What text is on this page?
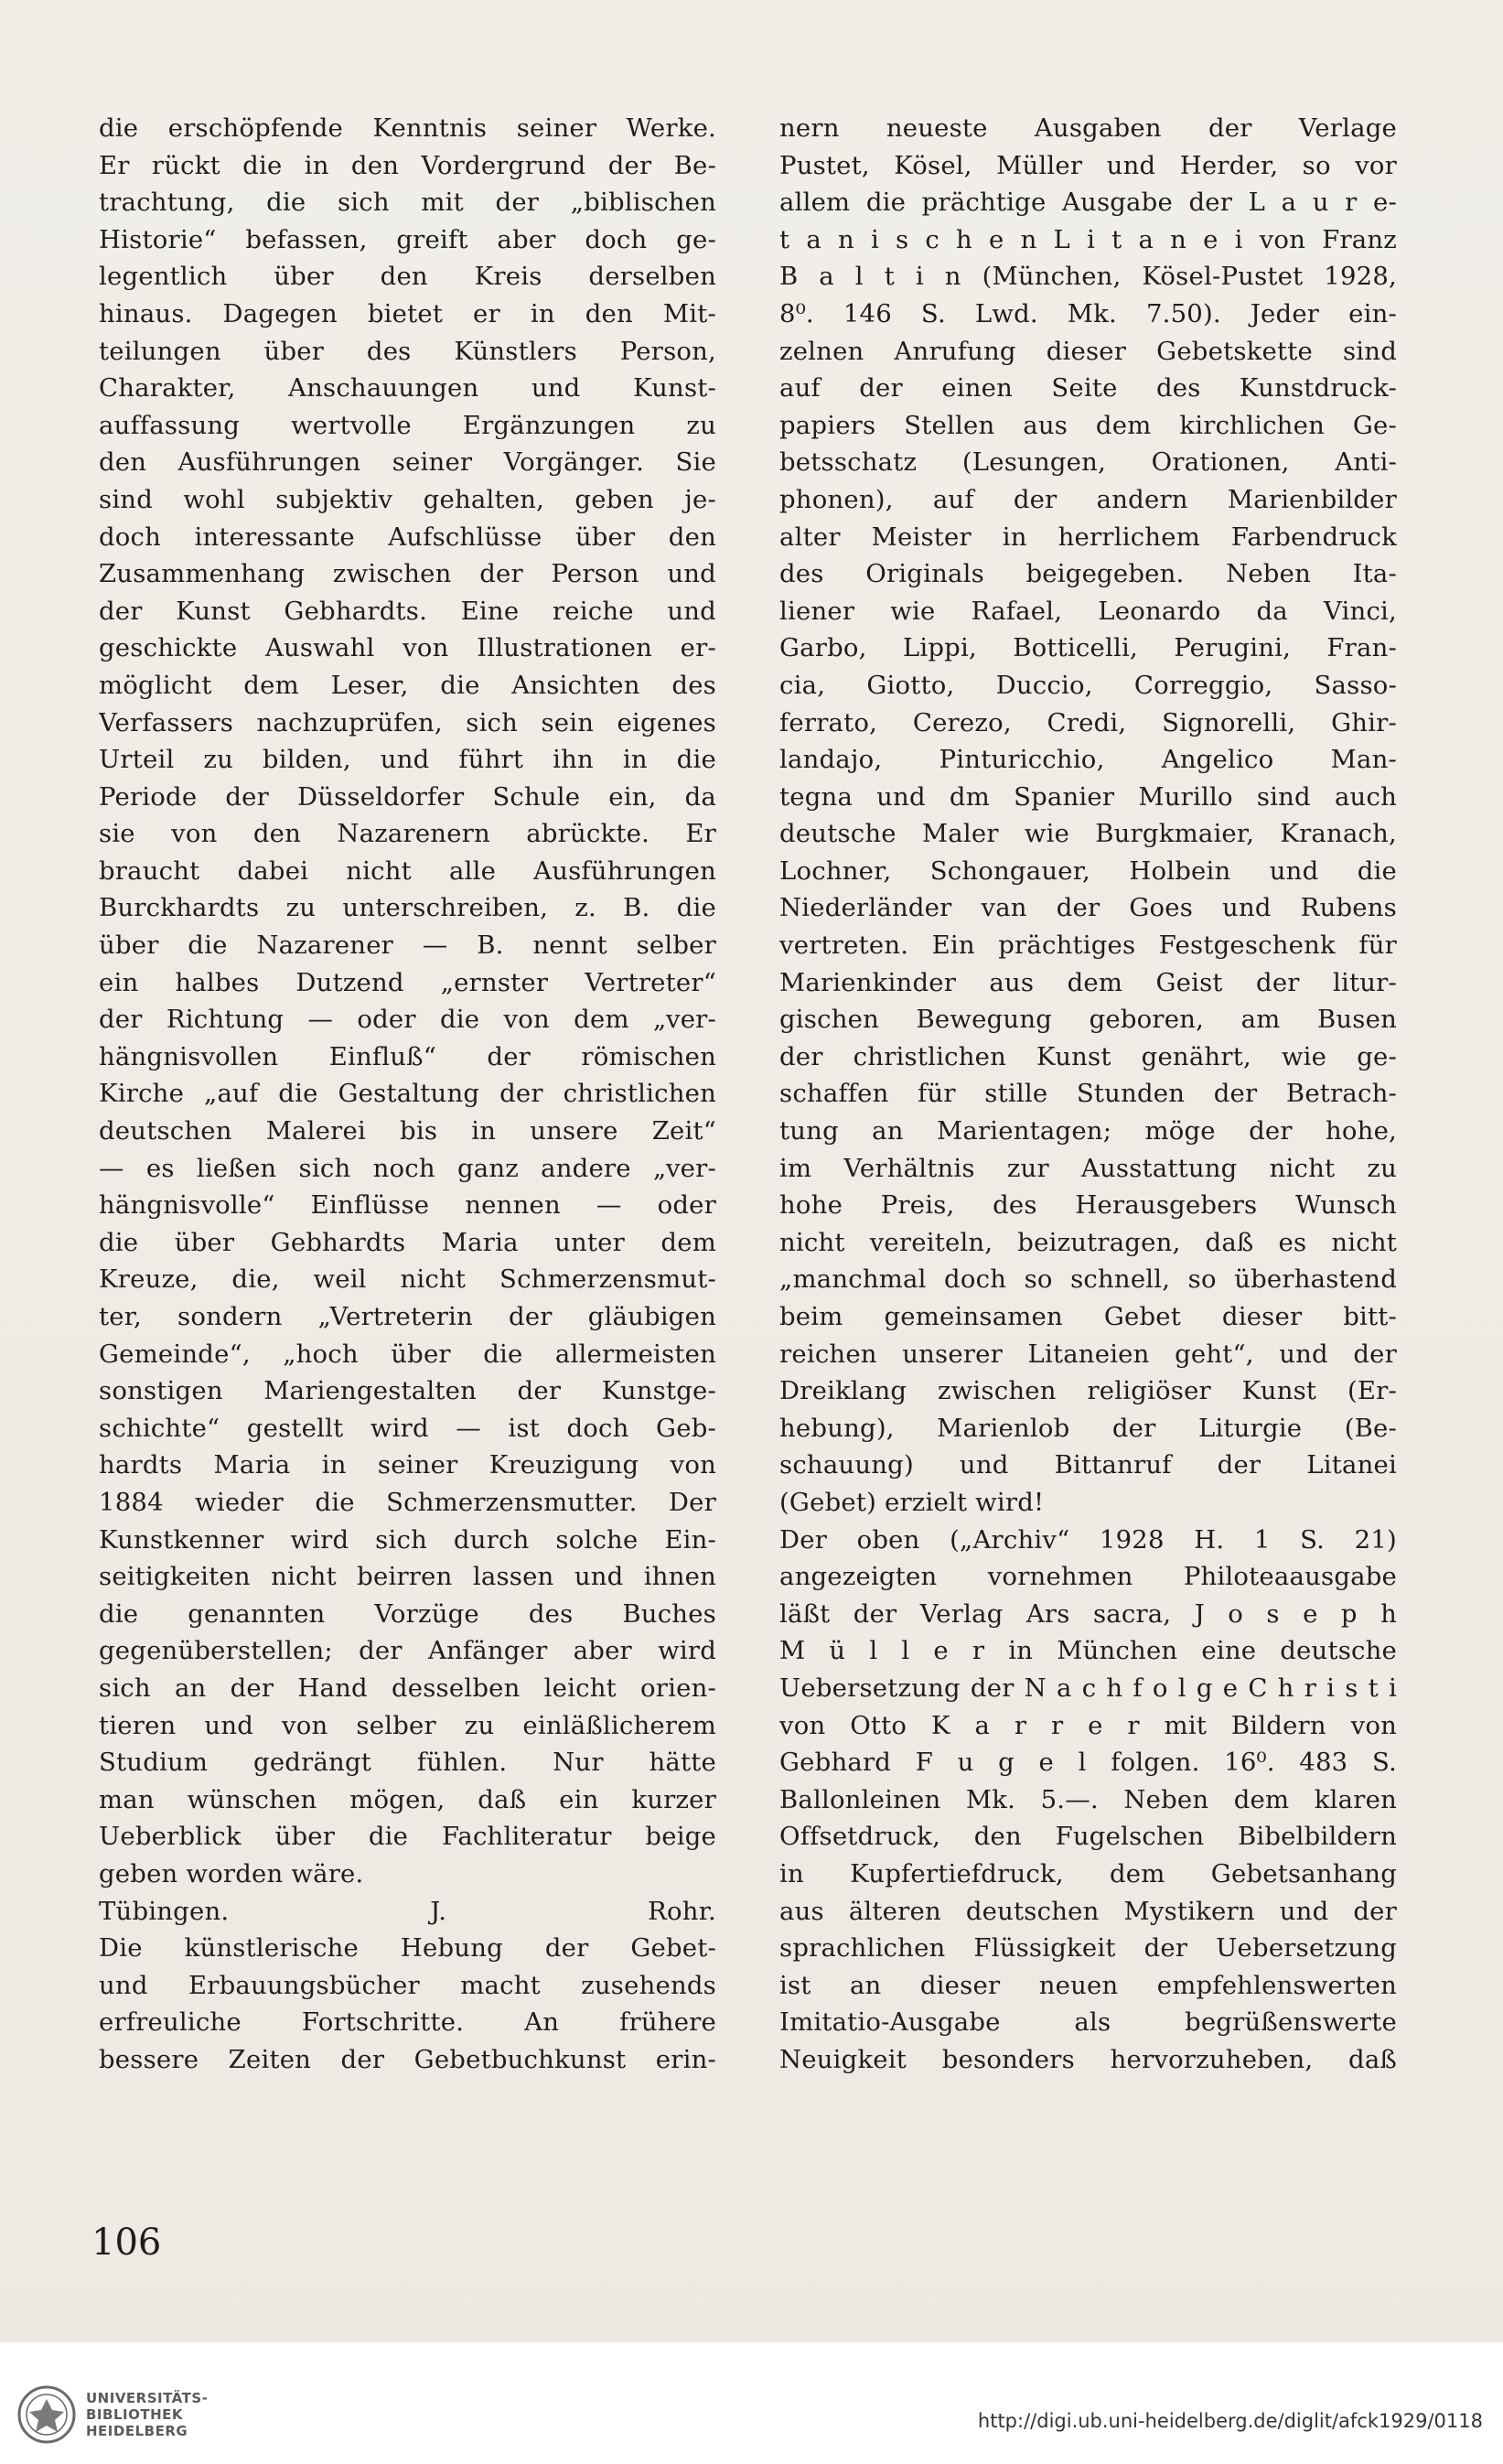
die erschöpfende Kenntnis seiner Werke.
Er rückt die in den Vordergrund der Be-
trachtung, die sich mit der „biblischen
Historie“ befassen, greift aber doch ge-
legentlich über den Kreis derselben
hinaus. Dagegen bietet er in den Mit-
teilungen über des Künstlers Person,
Charakter, Anschauungen und Kunst-
auffassung wertvolle Ergänzungen zu
den Ausführungen seiner Vorgänger. Sie
sind wohl subjektiv gehalten, geben je-
doch interessante Aufschlüsse über den
Zusammenhang zwischen der Person und
der Kunst Gebhardts. Eine reiche und
geschickte Auswahl von Illustrationen er-
möglicht dem Leser, die Ansichten des
Verfassers nachzuprüfen, sich sein eigenes
Urteil zu bilden, und führt ihn in die
Periode der Düsseldorfer Schule ein, da
sie von den Nazarenern abrückte. Er
braucht dabei nicht alle Ausführungen
Burckhardts zu unterschreiben, z. B. die
über die Nazarener — B. nennt selber
ein halbes Dutzend „ernster Vertreter“
der Richtung — oder die von dem „ver-
hängnisvollen Einfluß“ der römischen
Kirche „auf die Gestaltung der christlichen
deutschen Malerei bis in unsere Zeit“
— es ließen sich noch ganz andere „ver-
hängnisvolle“ Einflüsse nennen — oder
die über Gebhardts Maria unter dem
Kreuze, die, weil nicht Schmerzensmut-
ter, sondern „Vertreterin der gläubigen
Gemeinde“, „hoch über die allermeisten
sonstigen Mariengestalten der Kunstge-
schichte“ gestellt wird — ist doch Geb-
hardts Maria in seiner Kreuzigung von
1884 wieder die Schmerzensmutter. Der
Kunstkenner wird sich durch solche Ein-
seitigkeiten nicht beirren lassen und ihnen
die genannten Vorzüge des Buches
gegenüberstellen; der Anfänger aber wird
sich an der Hand desselben leicht orien-
tieren und von selber zu einläßlicherem
Studium gedrängt fühlen. Nur hätte
man wünschen mögen, daß ein kurzer
Ueberblick über die Fachliteratur beige
geben worden wäre.
Tübingen. J. Rohr.
Die künstlerische Hebung der Gebet-
und Erbauungsbücher macht zusehends
erfreuliche Fortschritte. An frühere
bessere Zeiten der Gebetbuchkunst erin-
nern neueste Ausgaben der Verlage
Pustet, Kösel, Müller und Herder, so vor
allem die prächtige Ausgabe der L a u r e-
t a n i s c h e n L i t a n e i von Franz
B a l t i n (München, Kösel-Pustet 1928,
8⁰. 146 S. Lwd. Mk. 7.50). Jeder ein-
zelnen Anrufung dieser Gebetskette sind
auf der einen Seite des Kunstdruck-
papiers Stellen aus dem kirchlichen Ge-
betsschatz (Lesungen, Orationen, Anti-
phonen), auf der andern Marienbilder
alter Meister in herrlichem Farbendruck
des Originals beigegeben. Neben Ita-
liener wie Rafael, Leonardo da Vinci,
Garbo, Lippi, Botticelli, Perugini, Fran-
cia, Giotto, Duccio, Correggio, Sasso-
ferrato, Cerezo, Credi, Signorelli, Ghir-
landajo, Pinturicchio, Angelico Man-
tegna und dm Spanier Murillo sind auch
deutsche Maler wie Burgkmaier, Kranach,
Lochner, Schongauer, Holbein und die
Niederländer van der Goes und Rubens
vertreten. Ein prächtiges Festgeschenk für
Marienkinder aus dem Geist der litur-
gischen Bewegung geboren, am Busen
der christlichen Kunst genährt, wie ge-
schaffen für stille Stunden der Betrach-
tung an Marientagen; möge der hohe,
im Verhältnis zur Ausstattung nicht zu
hohe Preis, des Herausgebers Wunsch
nicht vereiteln, beizutragen, daß es nicht
„manchmal doch so schnell, so überhastend
beim gemeinsamen Gebet dieser bitt-
reichen unserer Litaneien geht“, und der
Dreiklang zwischen religiöser Kunst (Er-
hebung), Marienlob der Liturgie (Be-
schauung) und Bittanruf der Litanei
(Gebet) erzielt wird!
Der oben („Archiv“ 1928 H. 1 S. 21)
angezeigten vornehmen Philoteaausgabe
läßt der Verlag Ars sacra, J o s e p h
M ü l l e r in München eine deutsche
Uebersetzung der N a c h f o l g e C h r i s t i
von Otto K a r r e r mit Bildern von
Gebhard F u g e l folgen. 16⁰. 483 S.
Ballonleinen Mk. 5.—. Neben dem klaren
Offsetdruck, den Fugelschen Bibelbildern
in Kupfertiefdruck, dem Gebetsanhang
aus älteren deutschen Mystikern und der
sprachlichen Flüssigkeit der Uebersetzung
ist an dieser neuen empfehlenswerten
Imitatio-Ausgabe als begrüßenswerte
Neuigkeit besonders hervorzuheben, daß
106
UNIVERSITÄTS-
BIBLIOTHEK
HEIDELBERG	http://digi.ub.uni-heidelberg.de/diglit/afck1929/0118
